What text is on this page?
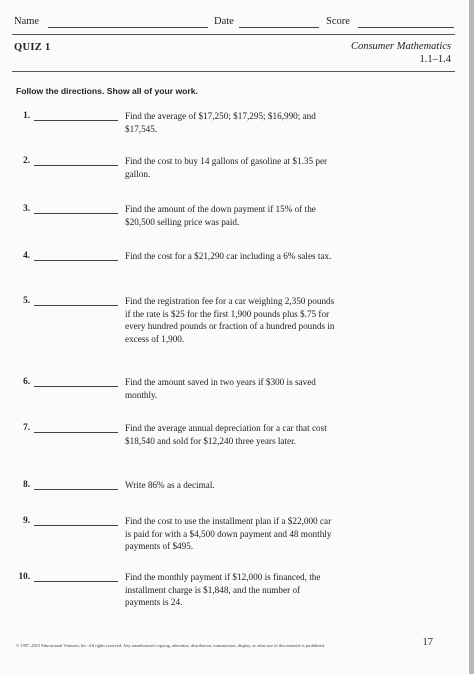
Name	Date	Score
QUIZ 1	Consumer Mathematics
1.1–1.4
Follow the directions. Show all of your work.
1.	Find the average of $17,250; $17,295; $16,990; and $17,545.
2.	Find the cost to buy 14 gallons of gasoline at $1.35 per gallon.
3.	Find the amount of the down payment if 15% of the $20,500 selling price was paid.
4.	Find the cost for a $21,290 car including a 6% sales tax.
5.	Find the registration fee for a car weighing 2,350 pounds if the rate is $25 for the first 1,900 pounds plus $.75 for every hundred pounds or fraction of a hundred pounds in excess of 1,900.
6.	Find the amount saved in two years if $300 is saved monthly.
7.	Find the average annual depreciation for a car that cost $18,540 and sold for $12,240 three years later.
8.	Write 86% as a decimal.
9.	Find the cost to use the installment plan if a $22,000 car is paid for with a $4,500 down payment and 48 monthly payments of $495.
10.	Find the monthly payment if $12,000 is financed, the installment charge is $1,848, and the number of payments is 24.
© 1997–2015 Educational Ventures, Inc. All rights reserved. Any unauthorized copying, alteration, distribution, transmission, display, or other use of this material is prohibited.	17
